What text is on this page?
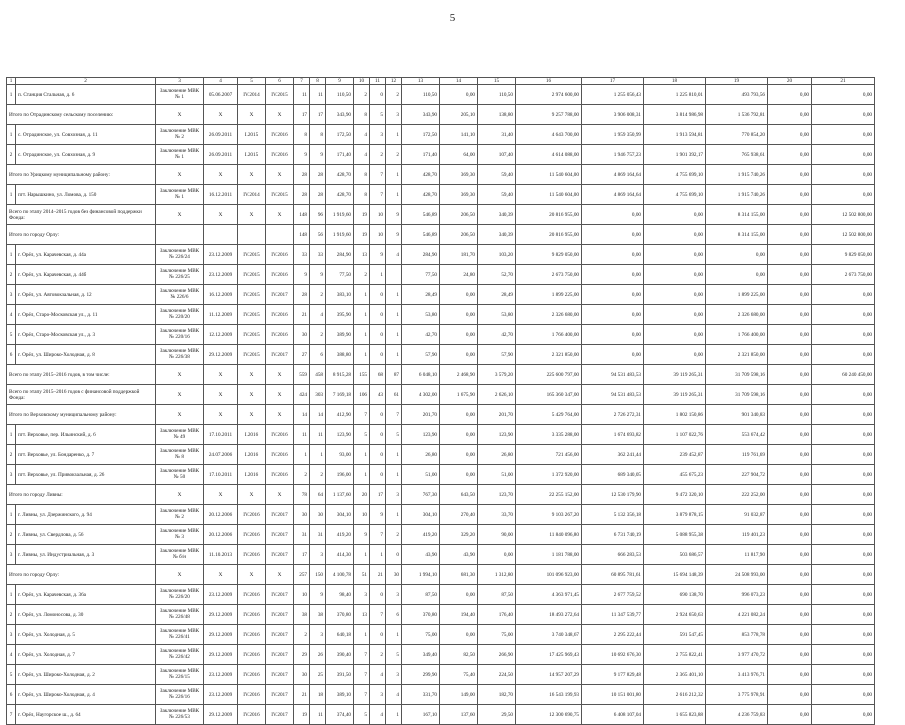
5
1	2	3	4	5	6	7	8	9	10	11	12	13	14	15	16	17	18	19	20	21
1	п. Станция Стальная, д. 6	Заключение МВК № 1	05.06.2007	IV.2014	IV.2015	11	11	110,50	2	0	2	110,50	0,00	110,50	2 974 600,00	1 255 056,43	1 225 810,01	493 793,56	0,00	0,00
Итого по Отрадинскому сельскому поселению:		X	X	X	X	17	17	343,90	8	5	3	343,90	205,10	138,80	9 257 788,00	3 906 008,31	3 814 986,98	1 536 792,81	0,00	0,00
1	с. Отрадинское, ул. Совхозная, д. 11	Заключение МВК № 2	26.09.2011	I.2015	IV.2016	8	8	172,50	4	3	1	172,50	141,10	31,40	4 643 700,00	1 959 350,99	1 913 594,81	770 854,20	0,00	0,00
2	с. Отрадинское, ул. Совхозная, д. 9	Заключение МВК № 1	26.09.2011	I.2015	IV.2016	9	9	171,40	4	2	2	171,40	64,00	107,40	4 614 088,00	1 946 757,23	1 901 392,17	765 938,61	0,00	0,00
Итого по Урицкому муниципальному району:		X	X	X	X	28	28	428,70	8	7	1	428,70	369,30	59,40	11 540 604,00	4 869 164,64	4 755 699,10	1 915 740,26	0,00	0,00
1	пгт. Нарышкино, ул. Ломова, д. 150	Заключение МВК № 1	16.12.2011	IV.2014	IV.2015	28	28	428,70	8	7	1	428,70	369,30	59,40	11 540 604,00	4 869 164,64	4 755 699,10	1 915 740,26	0,00	0,00
Всего по этапу 2014–2015 годов без финансовой поддержки Фонда:		X	X	X	X	148	96	1 919,60	19	10	9	546,89	206,50	340,39	20 816 955,00	0,00	0,00	8 314 155,00	0,00	12 502 800,00
Итого по городу Орлу:						148	56	1 919,60	19	10	9	546,89	206,50	340,39	20 816 955,00	0,00	0,00	8 314 155,00	0,00	12 502 800,00
1	г. Орёл, ул. Карачевская, д. 44а	Заключение МВК № 226/24	23.12.2009	IV.2015	IV.2016	33	33	284,90	13	9	4	284,90	181,70	103,20	9 829 050,00	0,00	0,00	0,00	0,00	9 829 050,00
2	г. Орёл, ул. Карачевская, д. 44б	Заключение МВК № 226/25	23.12.2009	IV.2015	IV.2016	9	9	77,50	2	1		77,50	24,80	52,70	2 673 750,00	0,00	0,00	0,00	0,00	2 673 750,00
3	г. Орёл, ул. Автовокзальная, д. 12	Заключение МВК № 226/6	16.12.2009	IV.2015	IV.2017	28	2	383,10	1	0	1	28,49	0,00	28,49	1 899 225,00	0,00	0,00	1 899 225,00	0,00	0,00
4	г. Орёл, Старо-Московская ул., д. 11	Заключение МВК № 220/20	11.12.2009	IV.2015	IV.2016	21	4	395,90	1	0	1	53,80	0,00	53,80	2 326 680,00	0,00	0,00	2 326 680,00	0,00	0,00
5	г. Орёл, Старо-Московская ул., д. 3	Заключение МВК № 220/16	12.12.2009	IV.2015	IV.2016	30	2	389,90	1	0	1	42,70	0,00	42,70	1 766 400,00	0,00	0,00	1 766 400,00	0,00	0,00
6	г. Орёл, ул. Широко-Холодная, д. 8	Заключение МВК № 226/38	29.12.2009	IV.2015	IV.2017	27	6	388,80	1	0	1	57,90	0,00	57,90	2 321 850,00	0,00	0,00	2 321 850,00	0,00	0,00
Всего по этапу 2015–2016 годов, в том числе:		X	X	X	X	559	458	8 915,28	155	68	87	6 048,10	2 468,90	3 579,20	225 600 797,00	94 531 483,53	39 119 265,31	31 709 598,16	0,00	60 240 450,00
Всего по этапу 2015–2016 годов с финансовой поддержкой Фонда:		X	X	X	X	424	303	7 169,18	106	43	61	4 302,00	1 675,90	2 626,10	165 360 347,00	94 531 483,53	39 119 265,31	31 709 598,16	0,00	0,00
Итого по Верховскому муниципальному району:		X	X	X	X	14	14	412,90	7	0	7	201,70	0,00	201,70	5 429 764,00	2 726 272,31	1 802 150,86	901 340,83	0,00	0,00
1	пгт. Верховье, пер. Ильинский, д. 6	Заключение МВК № 49	17.10.2011	I.2016	IV.2016	11	11	123,90	5	0	5	123,90	0,00	123,90	3 335 288,00	1 674 693,82	1 107 022,76	553 674,42	0,00	0,00
2	пгт. Верховье, ул. Бондаренко, д. 7	Заключение МВК № 8	24.07.2006	I.2016	IV.2016	1	1	93,00	1	0	1	26,80	0,00	26,80	721 456,00	362 241,44	239 452,87	119 761,69	0,00	0,00
3	пгт. Верховье, ул. Привокзальная, д. 26	Заключение МВК № 50	17.10.2011	I.2016	IV.2016	2	2	196,00	1	0	1	51,00	0,00	51,00	1 372 920,00	689 340,05	455 675,23	227 904,72	0,00	0,00
Итого по городу Ливны:		X	X	X	X	78	64	1 137,60	20	17	3	767,30	643,50	123,70	22 255 152,00	12 530 179,90	9 472 320,10	222 252,00	0,00	0,00
1	г. Ливны, ул. Дзержинского, д. 94	Заключение МВК № 2	20.12.2006	IV.2016	IV.2017	30	30	304,10	10	9	1	304,10	270,40	33,70	9 103 267,20	5 132 356,18	3 879 878,15	91 032,87	0,00	0,00
2	г. Ливны, ул. Свердлова, д. 56	Заключение МВК № 3	20.12.2006	IV.2016	IV.2017	31	31	419,20	9	7	2	419,20	329,20	90,00	11 840 096,80	6 731 740,19	5 088 955,38	119 401,23	0,00	0,00
3	г. Ливны, ул. Индустриальная, д. 3	Заключение МВК № б/н	11.10.2013	IV.2016	IV.2017	17	3	414,30	1	1	0	43,90	43,90	0,00	1 181 788,00	666 283,53	503 686,57	11 817,90	0,00	0,00
Итого по городу Орлу:		X	X	X	X	257	150	4 100,78	51	21	30	1 994,10	681,30	1 312,80	101 096 923,00	60 895 781,61	15 694 148,39	24 508 993,00	0,00	0,00
1	г. Орёл, ул. Карачевская, д. 36а	Заключение МВК № 226/20	23.12.2009	IV.2016	IV.2017	10	9	98,40	3	0	3	87,50	0,00	87,50	4 363 971,45	2 677 759,52	690 138,70	996 073,23	0,00	0,00
2	г. Орёл, ул. Ломоносова, д. 30	Заключение МВК № 226/48	29.12.2009	IV.2016	IV.2017	38	38	370,80	13	7	6	370,80	194,40	176,40	18 493 272,64	11 347 539,77	2 924 650,63	4 221 082,24	0,00	0,00
3	г. Орёл, ул. Холодная, д. 5	Заключение МВК № 226/41	29.12.2009	IV.2016	IV.2017	2	3	640,18	1	0	1	75,00	0,00	75,00	3 740 348,67	2 295 222,44	591 547,45	853 778,78	0,00	0,00
4	г. Орёл, ул. Холодная, д. 7	Заключение МВК № 226/42	29.12.2009	IV.2016	IV.2017	29	26	390,40	7	2	5	349,40	82,50	266,90	17 425 969,43	10 692 676,30	2 755 822,41	3 977 470,72	0,00	0,00
5	г. Орёл, ул. Широко-Холодная, д. 2	Заключение МВК № 226/15	23.12.2009	IV.2016	IV.2017	30	25	391,50	7	4	3	299,90	75,40	224,50	14 957 207,29	9 177 829,48	2 365 401,10	3 413 976,71	0,00	0,00
6	г. Орёл, ул. Широко-Холодная, д. 4	Заключение МВК № 226/16	23.12.2009	IV.2016	IV.2017	21	18	389,10	7	3	4	331,70	149,00	182,70	16 543 199,93	10 151 001,80	2 616 212,32	3 775 978,91	0,00	0,00
7	г. Орёл, Наугорское ш., д. 64	Заключение МВК № 226/53	29.12.2009	IV.2016	IV.2017	19	11	374,40	5	4	1	167,10	137,60	29,50	12 300 690,75	6 408 107,04	1 655 823,88	4 236 759,83	0,00	0,00
